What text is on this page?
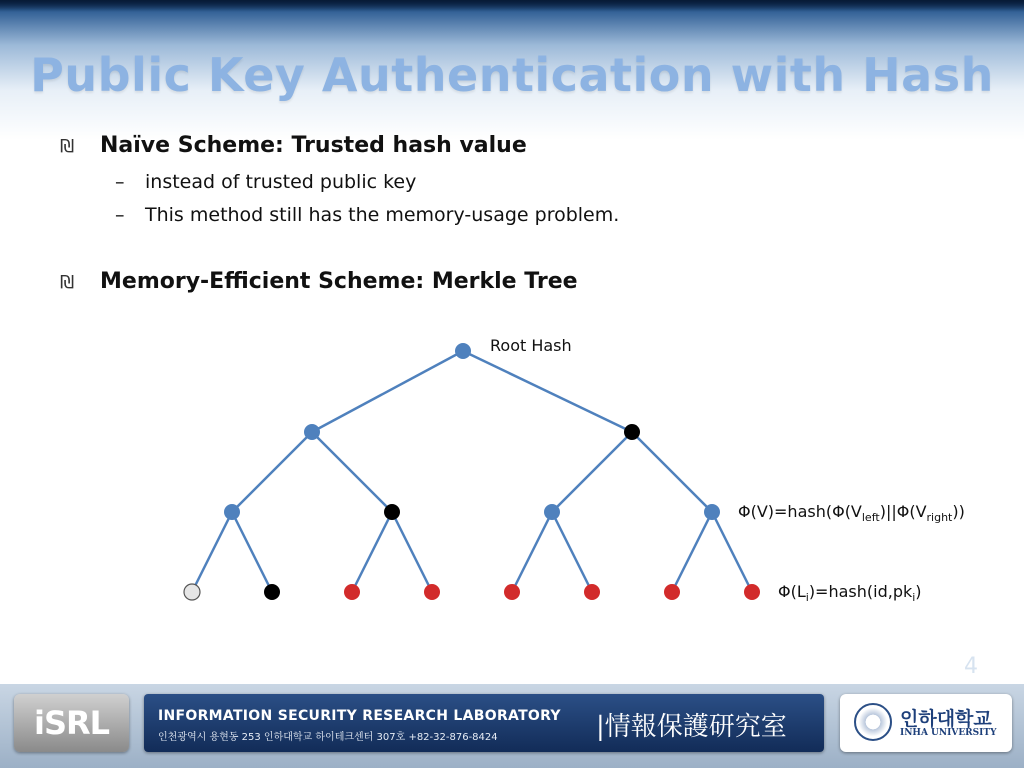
Public Key Authentication with Hash
₪ Naïve Scheme: Trusted hash value
– instead of trusted public key
– This method still has the memory-usage problem.
₪ Memory-Efficient Scheme: Merkle Tree
Root Hash
$\Phi(V)=hash(\Phi(V_{left})||\Phi(V_{right}))$
$\Phi(L_i)=hash(id,pk_i)$
4
iSRL	INFORMATION SECURITY RESEARCH LABORATORY
인천광역시 용현동 253 인하대학교 하이테크센터 307호 +82-32-876-8424	|情報保護研究室	인하대학교
INHA UNIVERSITY
